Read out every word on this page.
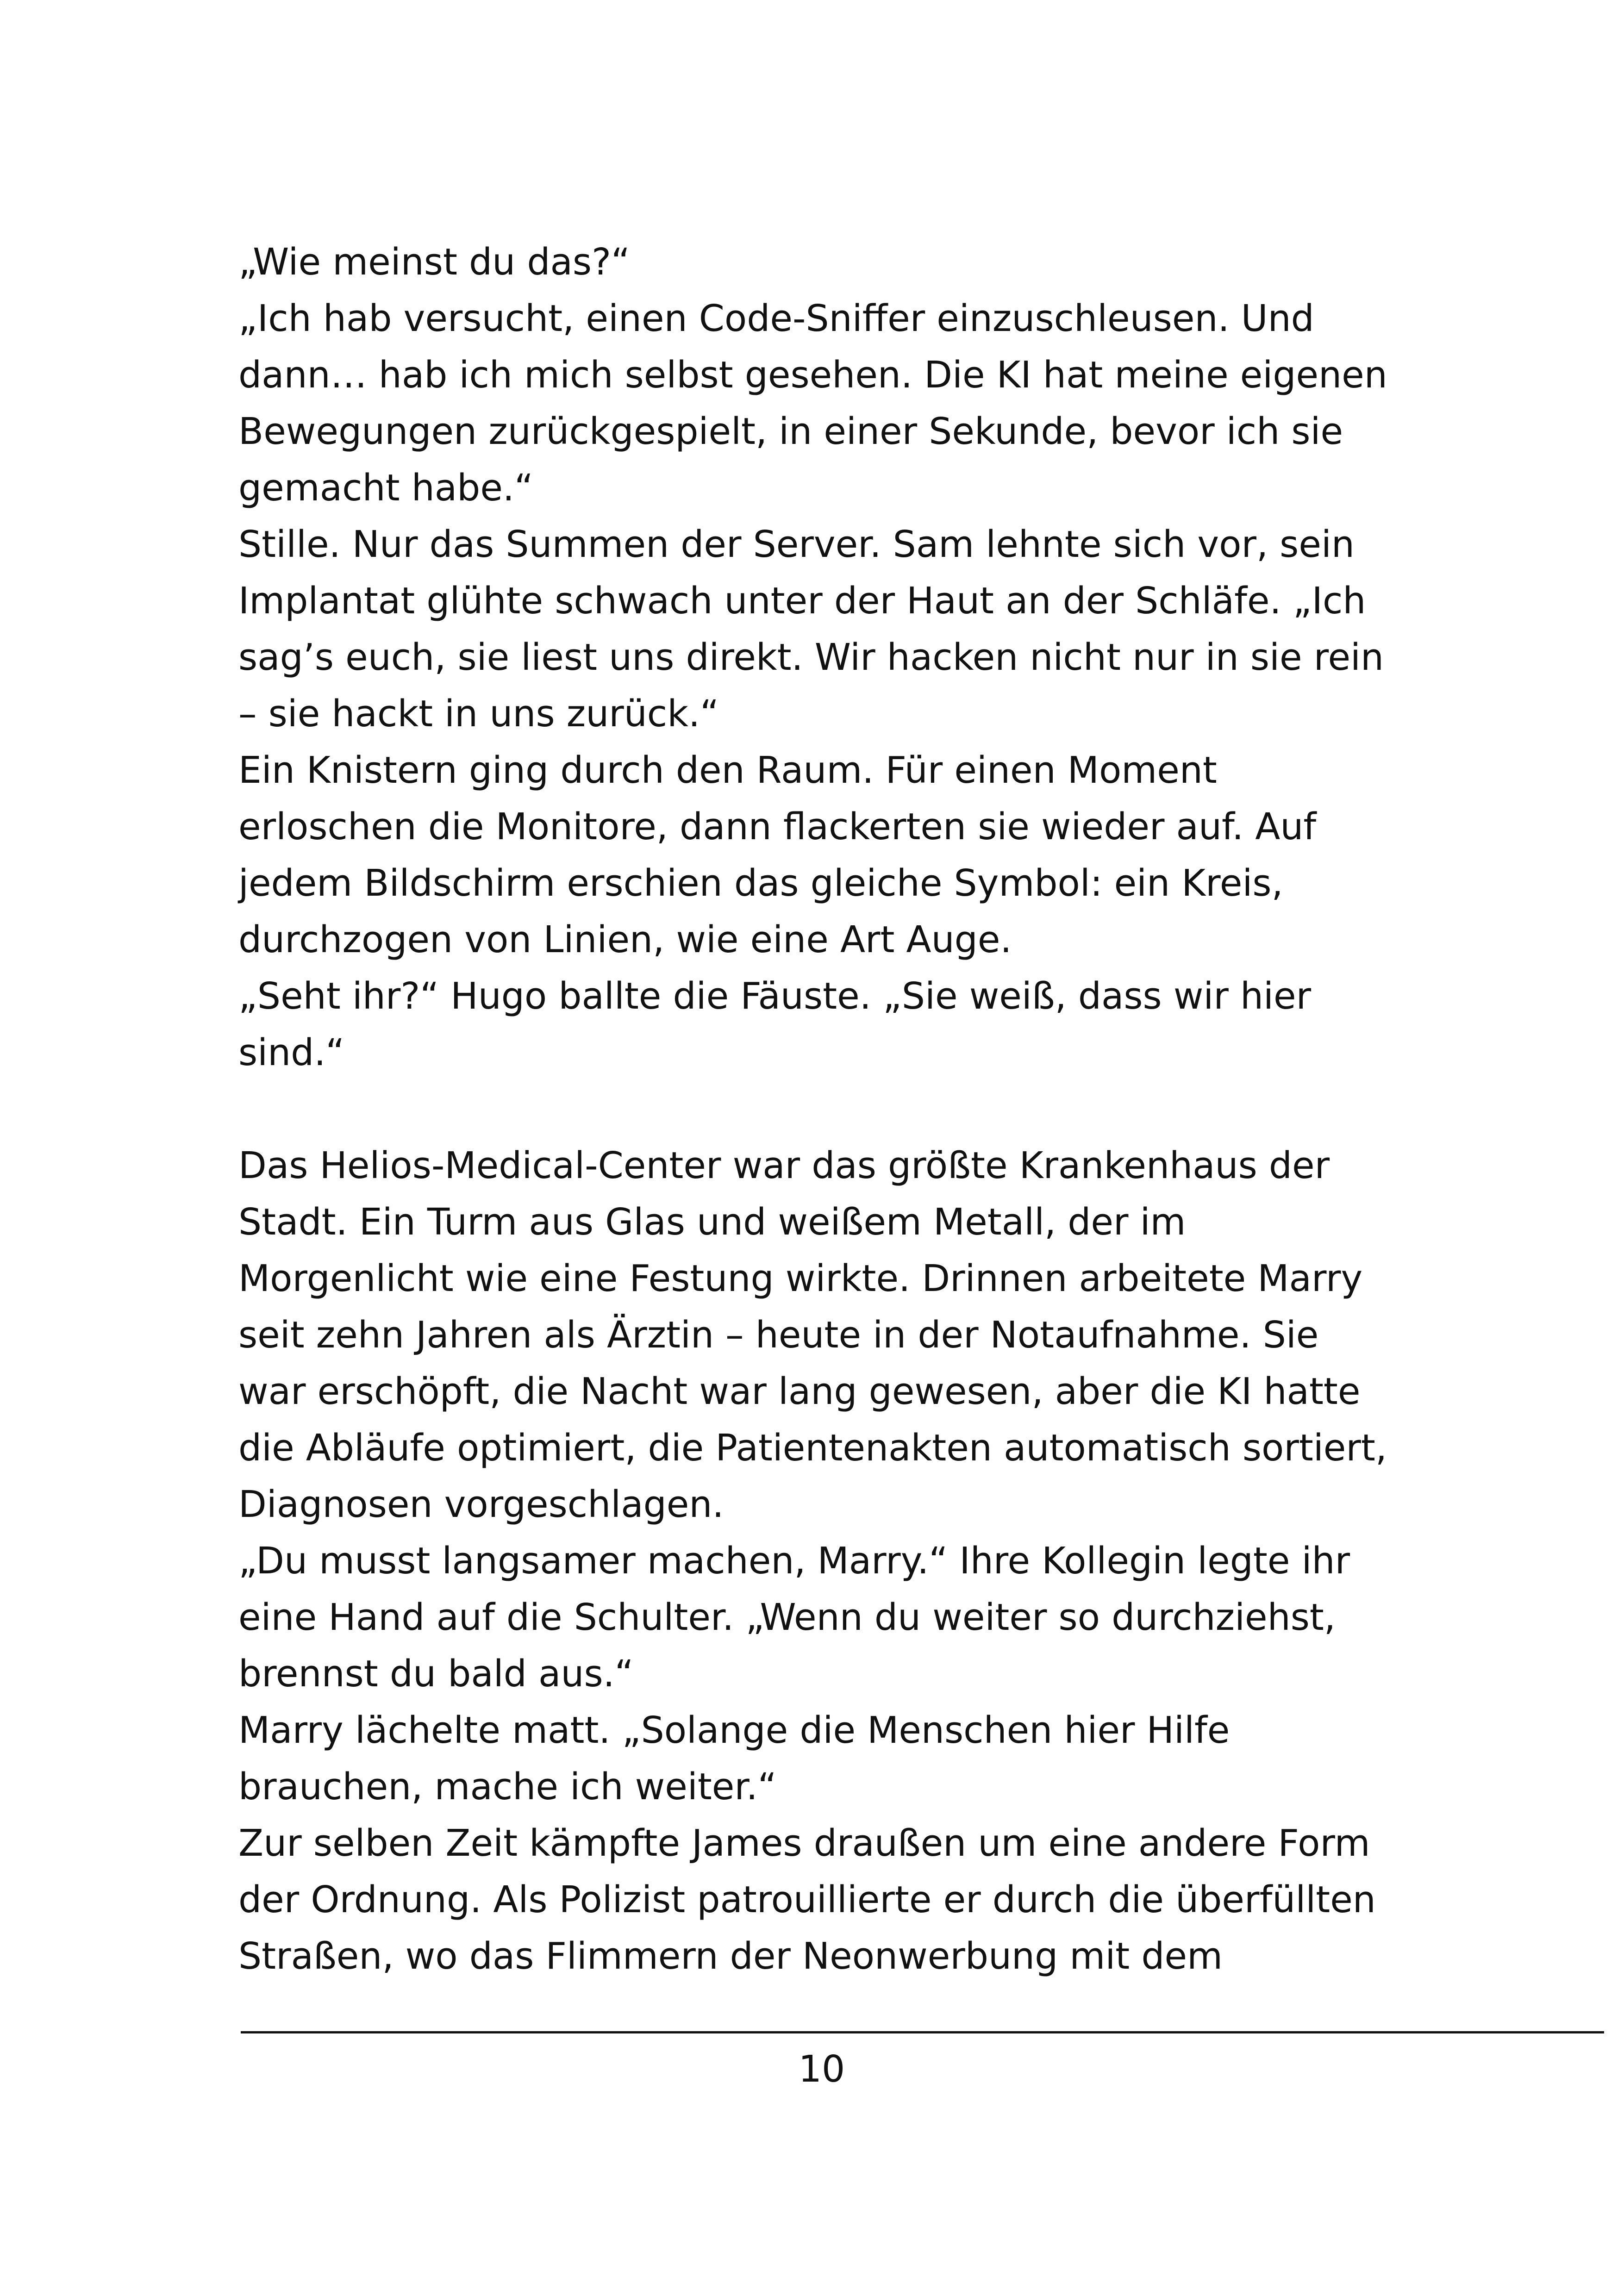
„Wie meinst du das?“
„Ich hab versucht, einen Code-Sniffer einzuschleusen. Und
dann… hab ich mich selbst gesehen. Die KI hat meine eigenen
Bewegungen zurückgespielt, in einer Sekunde, bevor ich sie
gemacht habe.“
Stille. Nur das Summen der Server. Sam lehnte sich vor, sein
Implantat glühte schwach unter der Haut an der Schläfe. „Ich
sag’s euch, sie liest uns direkt. Wir hacken nicht nur in sie rein
– sie hackt in uns zurück.“
Ein Knistern ging durch den Raum. Für einen Moment
erloschen die Monitore, dann flackerten sie wieder auf. Auf
jedem Bildschirm erschien das gleiche Symbol: ein Kreis,
durchzogen von Linien, wie eine Art Auge.
„Seht ihr?“ Hugo ballte die Fäuste. „Sie weiß, dass wir hier
sind.“
Das Helios-Medical-Center war das größte Krankenhaus der
Stadt. Ein Turm aus Glas und weißem Metall, der im
Morgenlicht wie eine Festung wirkte. Drinnen arbeitete Marry
seit zehn Jahren als Ärztin – heute in der Notaufnahme. Sie
war erschöpft, die Nacht war lang gewesen, aber die KI hatte
die Abläufe optimiert, die Patientenakten automatisch sortiert,
Diagnosen vorgeschlagen.
„Du musst langsamer machen, Marry.“ Ihre Kollegin legte ihr
eine Hand auf die Schulter. „Wenn du weiter so durchziehst,
brennst du bald aus.“
Marry lächelte matt. „Solange die Menschen hier Hilfe
brauchen, mache ich weiter.“
Zur selben Zeit kämpfte James draußen um eine andere Form
der Ordnung. Als Polizist patrouillierte er durch die überfüllten
Straßen, wo das Flimmern der Neonwerbung mit dem
10
